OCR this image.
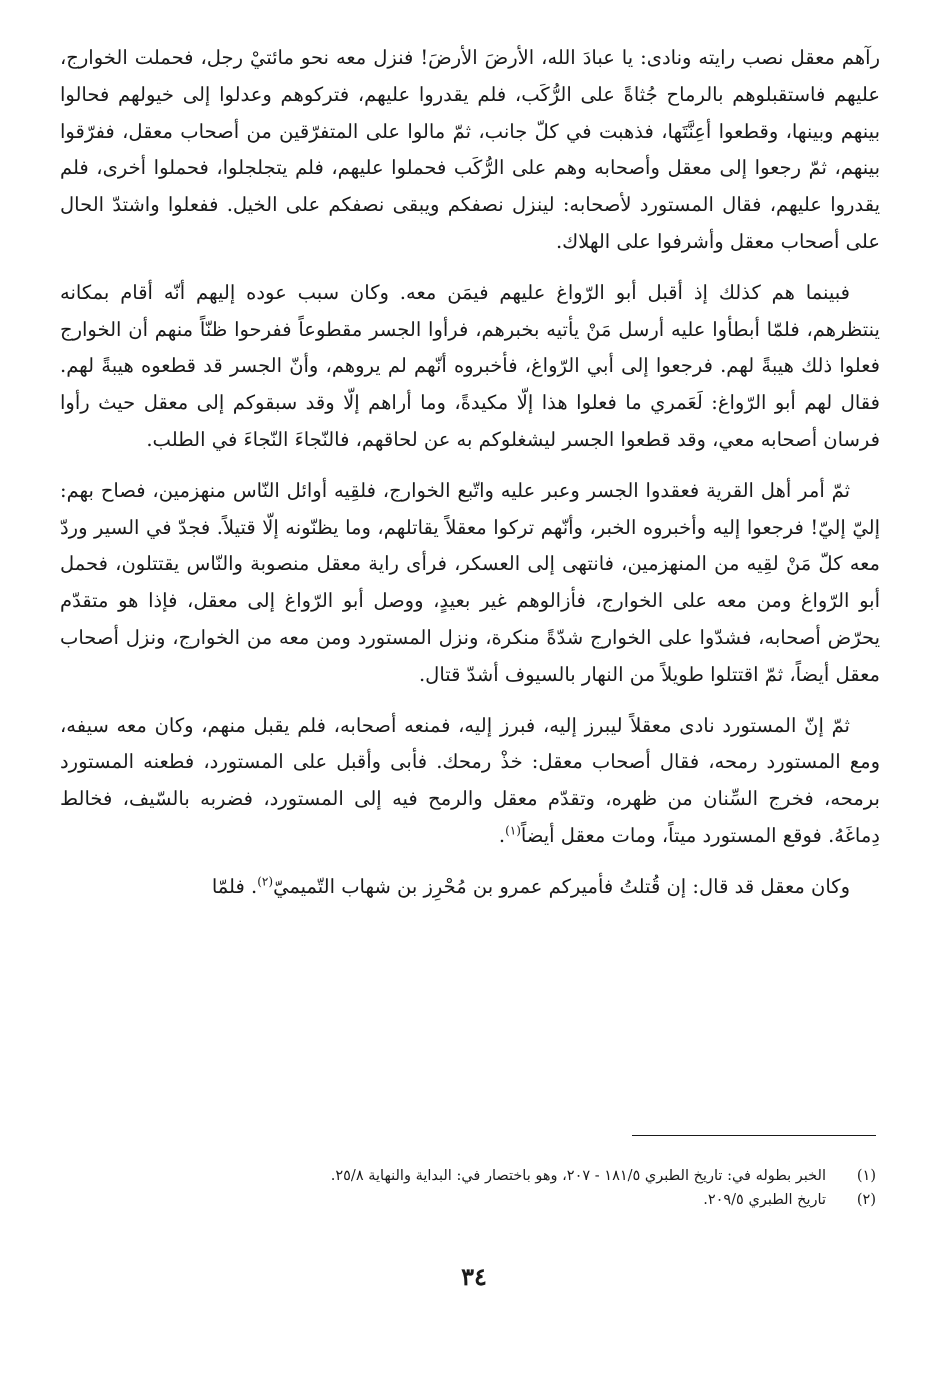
رآهم معقل نصب رايته ونادى: يا عبادَ الله، الأرضَ الأرضَ! فنزل معه نحو مائتيْ رجل، فحملت الخوارج، عليهم فاستقبلوهم بالرماح جُثاةً على الرُّكَب، فلم يقدروا عليهم، فتركوهم وعدلوا إلى خيولهم فحالوا بينهم وبينها، وقطعوا أعِنَّتَها، فذهبت في كلّ جانب، ثمّ مالوا على المتفرّقين من أصحاب معقل، ففرّقوا بينهم، ثمّ رجعوا إلى معقل وأصحابه وهم على الرُّكَب فحملوا عليهم، فلم يتجلجلوا، فحملوا أخرى، فلم يقدروا عليهم، فقال المستورد لأصحابه: لينزل نصفكم ويبقى نصفكم على الخيل. ففعلوا واشتدّ الحال على أصحاب معقل وأشرفوا على الهلاك.

فبينما هم كذلك إذ أقبل أبو الرّواغ عليهم فيمَن معه. وكان سبب عوده إليهم أنّه أقام بمكانه ينتظرهم، فلمّا أبطأوا عليه أرسل مَنْ يأتيه بخبرهم، فرأوا الجسر مقطوعاً ففرحوا ظنّاً منهم أن الخوارج فعلوا ذلك هيبةً لهم. فرجعوا إلى أبي الرّواغ، فأخبروه أنّهم لم يروهم، وأنّ الجسر قد قطعوه هيبةً لهم. فقال لهم أبو الرّواغ: لَعَمري ما فعلوا هذا إلّا مكيدةً، وما أراهم إلّا وقد سبقوكم إلى معقل حيث رأوا فرسان أصحابه معي، وقد قطعوا الجسر ليشغلوكم به عن لحاقهم، فالنّجاءَ النّجاءَ في الطلب.

ثمّ أمر أهل القرية فعقدوا الجسر وعبر عليه واتّبع الخوارج، فلقِيه أوائل النّاس منهزمين، فصاح بهم: إليّ إليّ! فرجعوا إليه وأخبروه الخبر، وأنّهم تركوا معقلاً يقاتلهم، وما يظنّونه إلّا قتيلاً. فجدّ في السير وردّ معه كلّ مَنْ لقِيه من المنهزمين، فانتهى إلى العسكر، فرأى راية معقل منصوبة والنّاس يقتتلون، فحمل أبو الرّواغ ومن معه على الخوارج، فأزالوهم غير بعيدٍ، ووصل أبو الرّواغ إلى معقل، فإذا هو متقدّم يحرّض أصحابه، فشدّوا على الخوارج شدّةً منكرة، ونزل المستورد ومن معه من الخوارج، ونزل أصحاب معقل أيضاً، ثمّ اقتتلوا طويلاً من النهار بالسيوف أشدّ قتال.

ثمّ إنّ المستورد نادى معقلاً ليبرز إليه، فبرز إليه، فمنعه أصحابه، فلم يقبل منهم، وكان معه سيفه، ومع المستورد رمحه، فقال أصحاب معقل: خذْ رمحك. فأبى وأقبل على المستورد، فطعنه المستورد برمحه، فخرج السِّنان من ظهره، وتقدّم معقل والرمح فيه إلى المستورد، فضربه بالسّيف، فخالط دِماغَهُ. فوقع المستورد ميتاً، ومات معقل أيضاً$^{(١)}$.

وكان معقل قد قال: إن قُتلتُ فأميركم عمرو بن مُحْرِز بن شهاب التّميميّ$^{(٢)}$. فلمّا

(١)
الخبر بطوله في: تاريخ الطبري ١٨١/٥ - ٢٠٧، وهو باختصار في: البداية والنهاية ٢٥/٨.
(٢)
تاريخ الطبري ٢٠٩/٥.
٣٤
